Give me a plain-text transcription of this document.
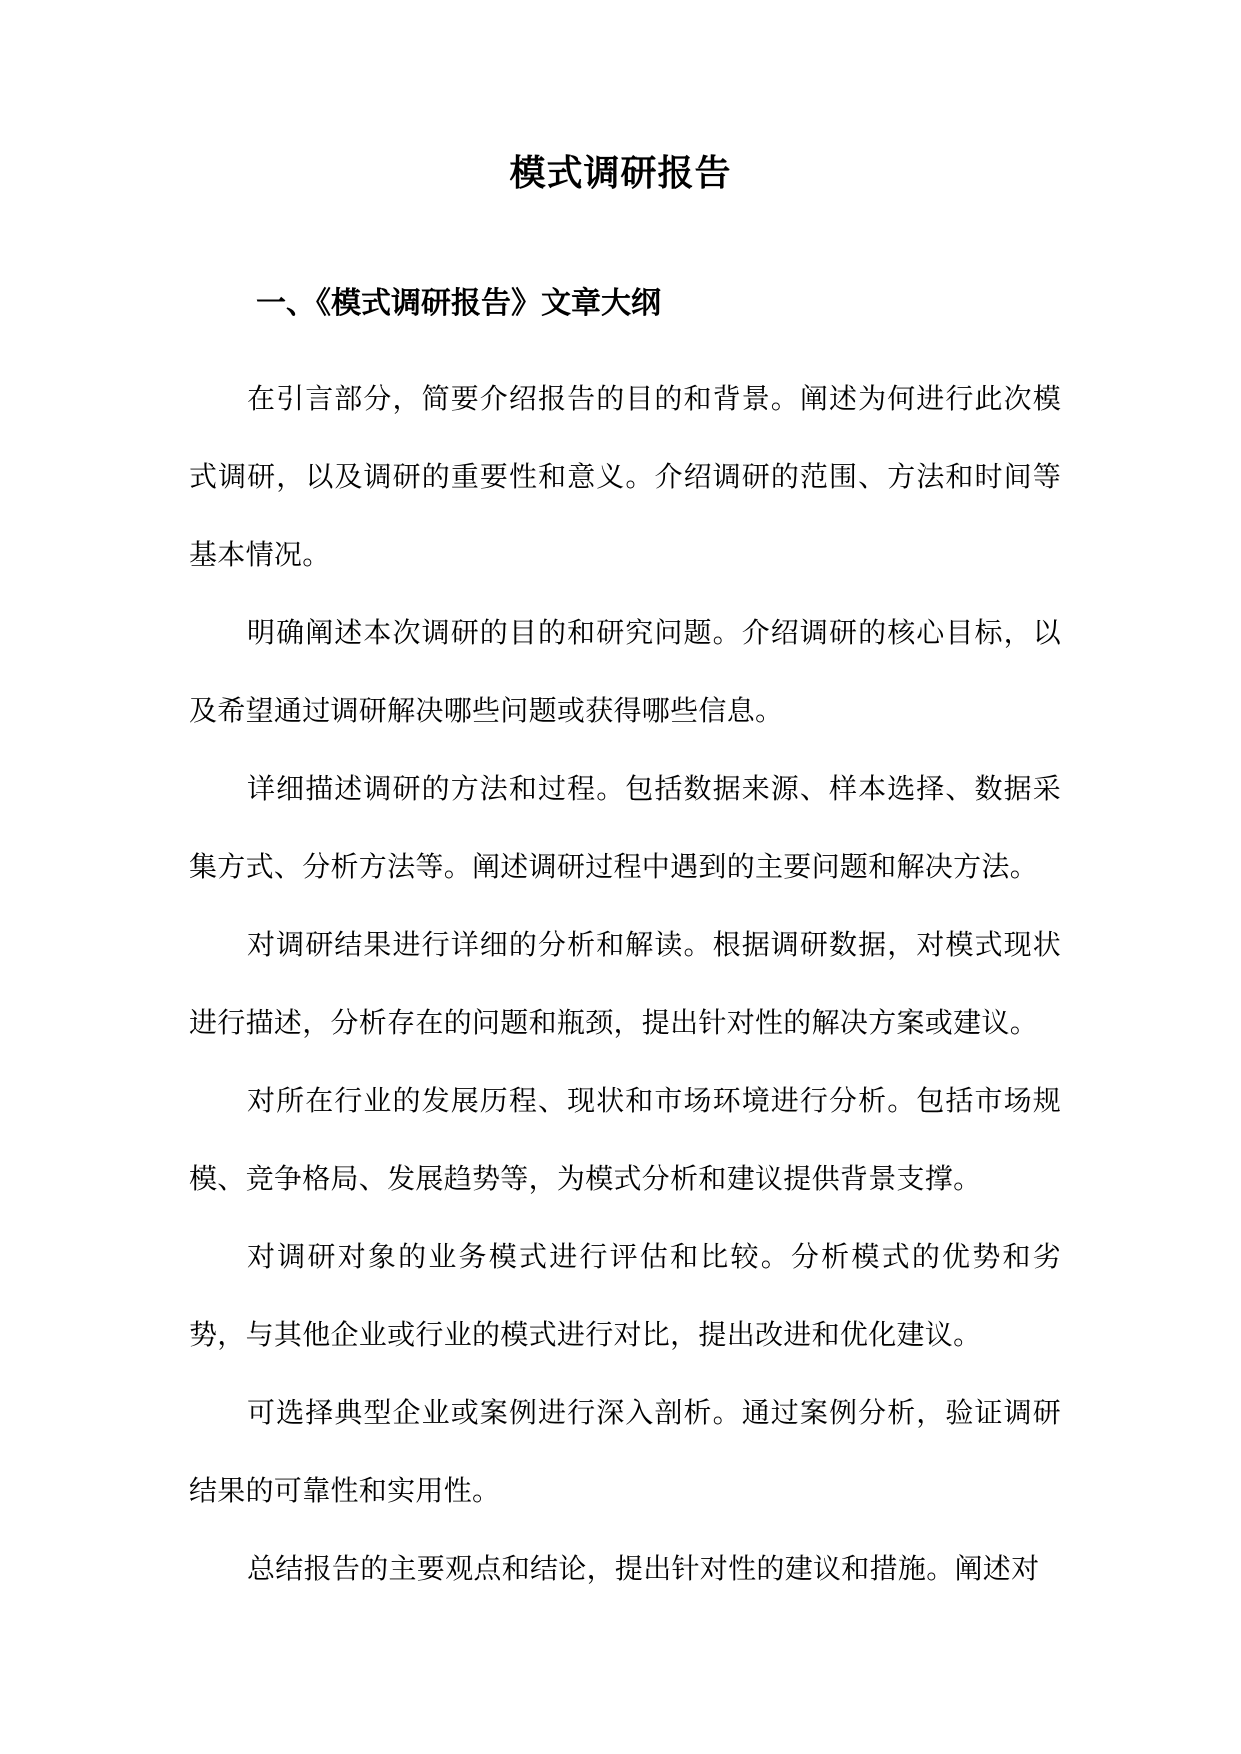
模式调研报告
一、《模式调研报告》文章大纲

在引言部分，简要介绍报告的目的和背景。阐述为何进行此次模式调研，以及调研的重要性和意义。介绍调研的范围、方法和时间等基本情况。

明确阐述本次调研的目的和研究问题。介绍调研的核心目标，以及希望通过调研解决哪些问题或获得哪些信息。

详细描述调研的方法和过程。包括数据来源、样本选择、数据采集方式、分析方法等。阐述调研过程中遇到的主要问题和解决方法。

对调研结果进行详细的分析和解读。根据调研数据，对模式现状进行描述，分析存在的问题和瓶颈，提出针对性的解决方案或建议。

对所在行业的发展历程、现状和市场环境进行分析。包括市场规模、竞争格局、发展趋势等，为模式分析和建议提供背景支撑。

对调研对象的业务模式进行评估和比较。分析模式的优势和劣势，与其他企业或行业的模式进行对比，提出改进和优化建议。

可选择典型企业或案例进行深入剖析。通过案例分析，验证调研结果的可靠性和实用性。

总结报告的主要观点和结论，提出针对性的建议和措施。阐述对
